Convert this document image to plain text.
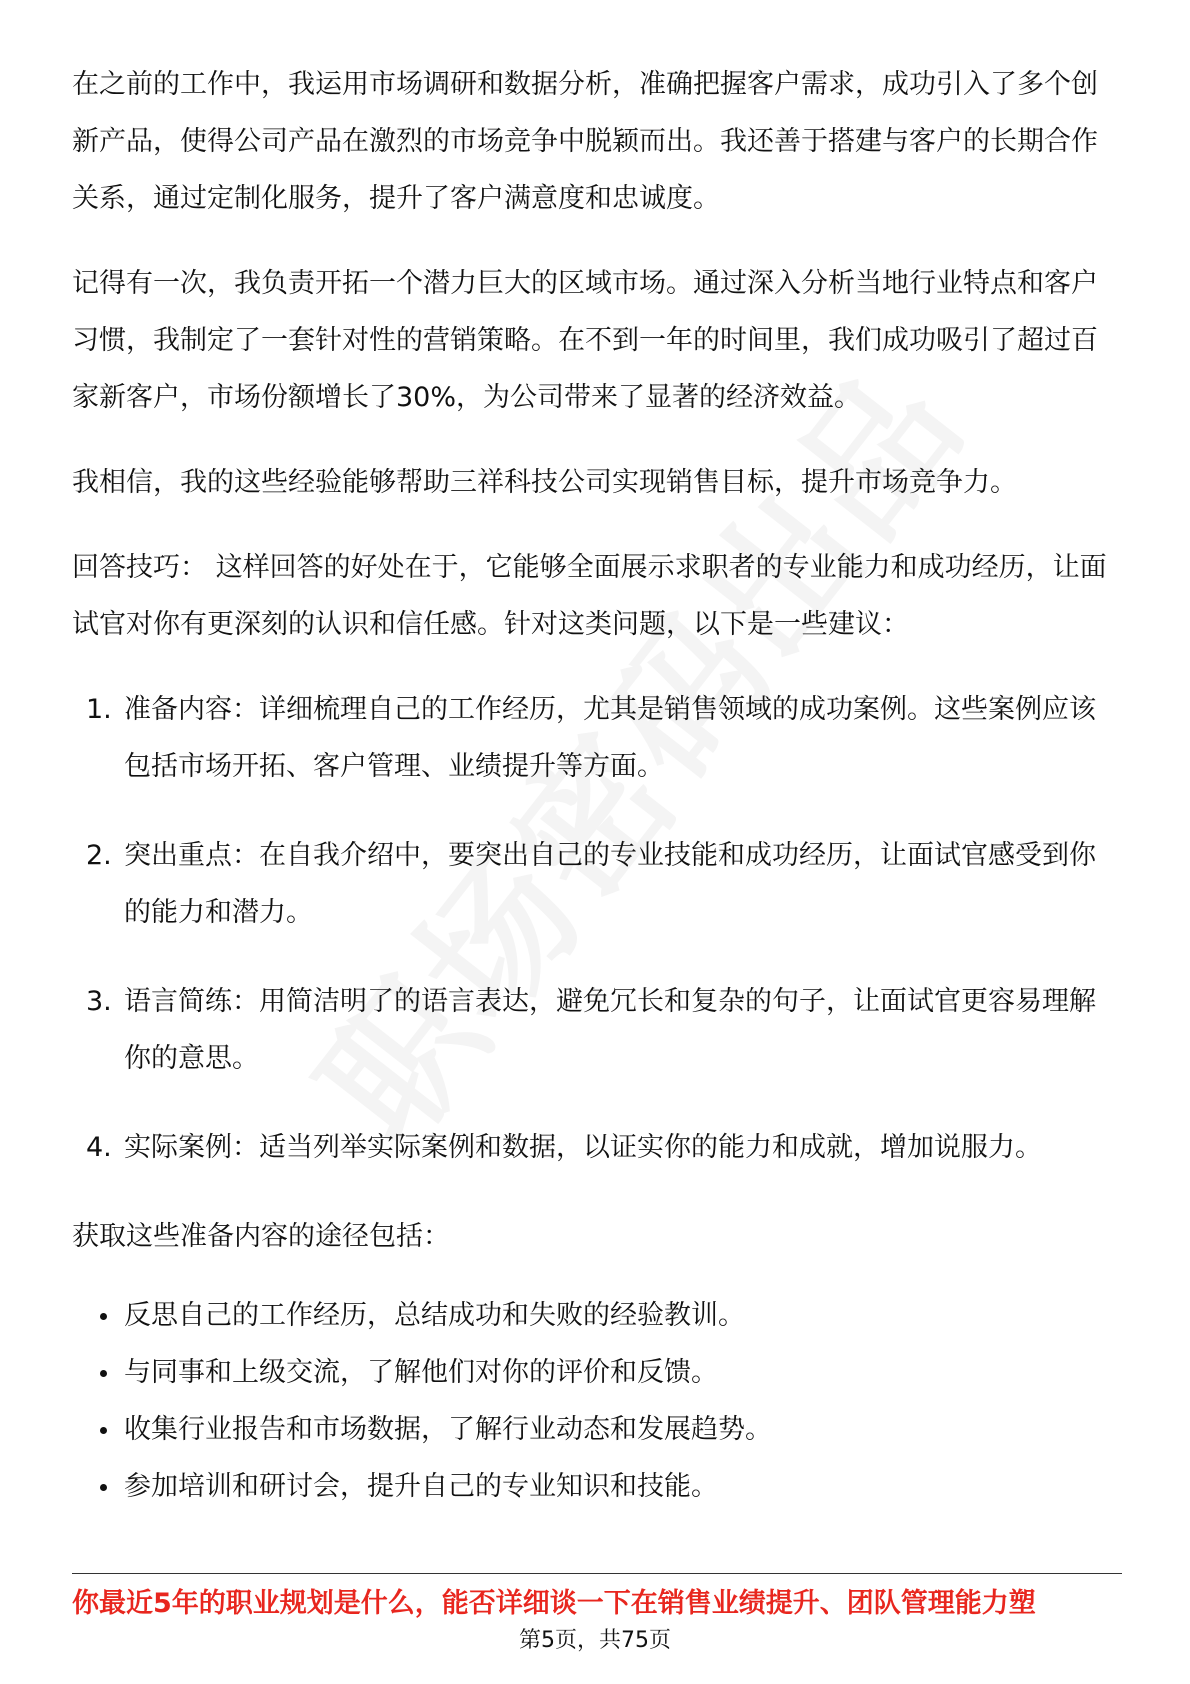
在之前的工作中，我运用市场调研和数据分析，准确把握客户需求，成功引入了多个创新产品，使得公司产品在激烈的市场竞争中脱颖而出。我还善于搭建与客户的长期合作关系，通过定制化服务，提升了客户满意度和忠诚度。

记得有一次，我负责开拓一个潜力巨大的区域市场。通过深入分析当地行业特点和客户习惯，我制定了一套针对性的营销策略。在不到一年的时间里，我们成功吸引了超过百家新客户，市场份额增长了30%，为公司带来了显著的经济效益。

我相信，我的这些经验能够帮助三祥科技公司实现销售目标，提升市场竞争力。

回答技巧： 这样回答的好处在于，它能够全面展示求职者的专业能力和成功经历，让面试官对你有更深刻的认识和信任感。针对这类问题，以下是一些建议：

1. 准备内容：详细梳理自己的工作经历，尤其是销售领域的成功案例。这些案例应该包括市场开拓、客户管理、业绩提升等方面。
2. 突出重点：在自我介绍中，要突出自己的专业技能和成功经历，让面试官感受到你的能力和潜力。
3. 语言简练：用简洁明了的语言表达，避免冗长和复杂的句子，让面试官更容易理解你的意思。
4. 实际案例：适当列举实际案例和数据，以证实你的能力和成就，增加说服力。

获取这些准备内容的途径包括：

反思自己的工作经历，总结成功和失败的经验教训。
与同事和上级交流，了解他们对你的评价和反馈。
收集行业报告和市场数据，了解行业动态和发展趋势。
参加培训和研讨会，提升自己的专业知识和技能。
你最近5年的职业规划是什么，能否详细谈一下在销售业绩提升、团队管理能力塑
第5页，共75页
